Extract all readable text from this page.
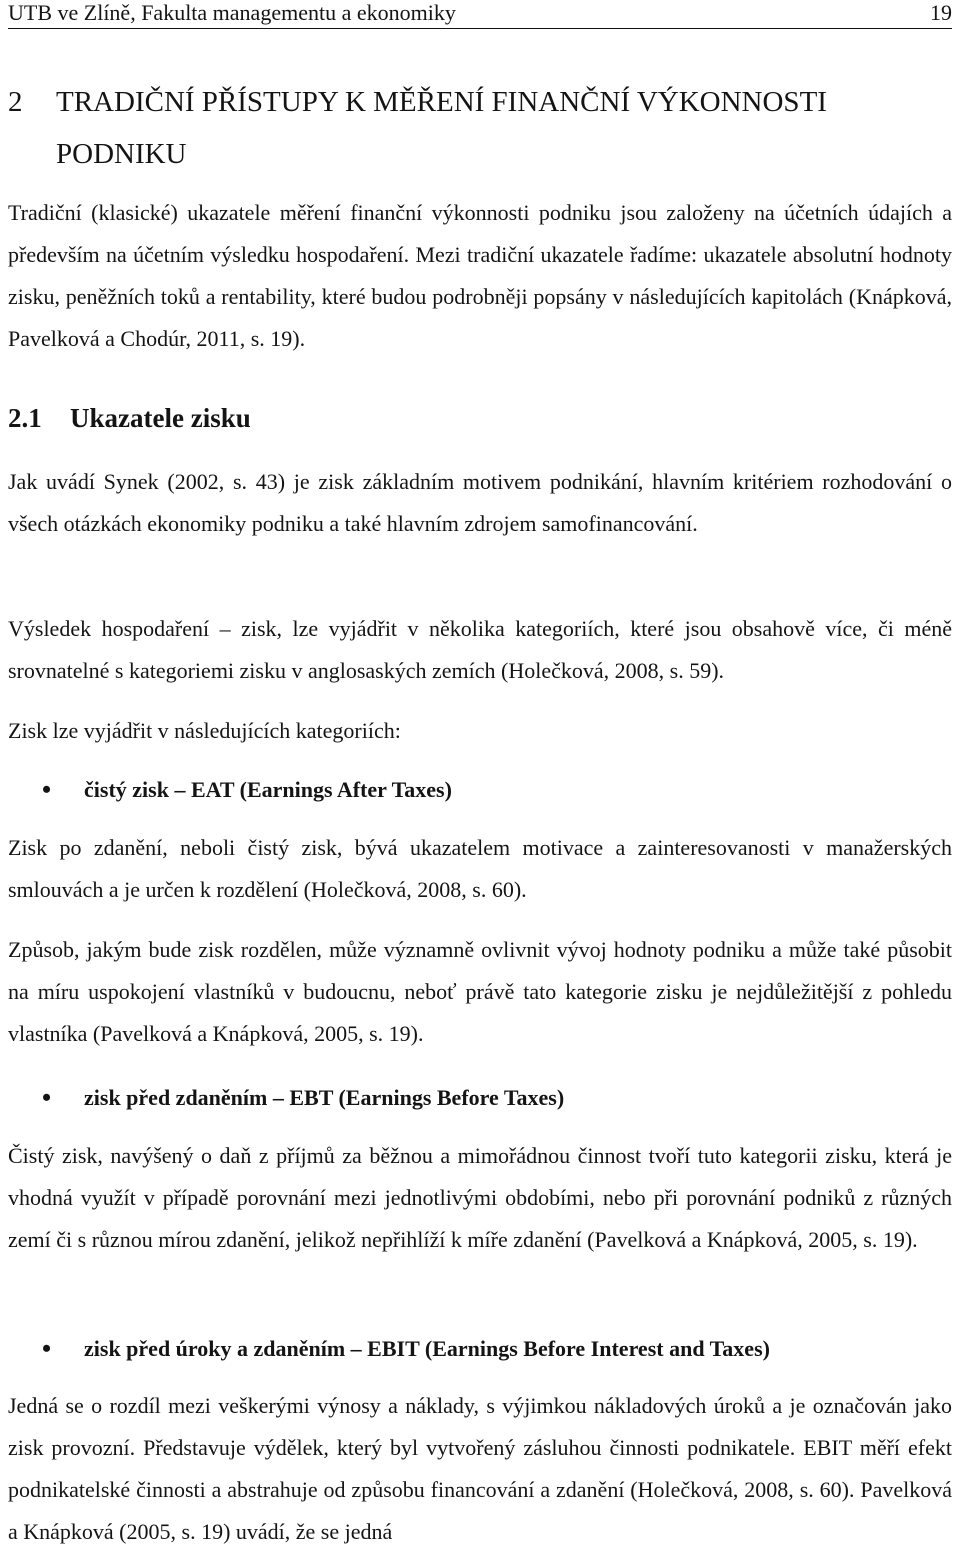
UTB ve Zlíně, Fakulta managementu a ekonomiky	19
2	TRADIČNÍ PŘÍSTUPY K MĚŘENÍ FINANČNÍ VÝKONNOSTI PODNIKU

Tradiční (klasické) ukazatele měření finanční výkonnosti podniku jsou založeny na účetních údajích a především na účetním výsledku hospodaření. Mezi tradiční ukazatele řadíme: ukazatele absolutní hodnoty zisku, peněžních toků a rentability, které budou podrobněji popsány v následujících kapitolách (Knápková, Pavelková a Chodúr, 2011, s. 19).

2.1	Ukazatele zisku

Jak uvádí Synek (2002, s. 43) je zisk základním motivem podnikání, hlavním kritériem rozhodování o všech otázkách ekonomiky podniku a také hlavním zdrojem samofinancování.

Výsledek hospodaření – zisk, lze vyjádřit v několika kategoriích, které jsou obsahově více, či méně srovnatelné s kategoriemi zisku v anglosaských zemích (Holečková, 2008, s. 59).

Zisk lze vyjádřit v následujících kategoriích:

•	čistý zisk – EAT (Earnings After Taxes)

Zisk po zdanění, neboli čistý zisk, bývá ukazatelem motivace a zainteresovanosti v manažerských smlouvách a je určen k rozdělení (Holečková, 2008, s. 60).

Způsob, jakým bude zisk rozdělen, může významně ovlivnit vývoj hodnoty podniku a může také působit na míru uspokojení vlastníků v budoucnu, neboť právě tato kategorie zisku je nejdůležitější z pohledu vlastníka (Pavelková a Knápková, 2005, s. 19).

•	zisk před zdaněním – EBT (Earnings Before Taxes)

Čistý zisk, navýšený o daň z příjmů za běžnou a mimořádnou činnost tvoří tuto kategorii zisku, která je vhodná využít v případě porovnání mezi jednotlivými obdobími, nebo při porovnání podniků z různých zemí či s různou mírou zdanění, jelikož nepřihlíží k míře zdanění (Pavelková a Knápková, 2005, s. 19).

•	zisk před úroky a zdaněním – EBIT (Earnings Before Interest and Taxes)

Jedná se o rozdíl mezi veškerými výnosy a náklady, s výjimkou nákladových úroků a je označován jako zisk provozní. Představuje výdělek, který byl vytvořený zásluhou činnosti podnikatele. EBIT měří efekt podnikatelské činnosti a abstrahuje od způsobu financování a zdanění (Holečková, 2008, s. 60). Pavelková a Knápková (2005, s. 19) uvádí, že se jedná
